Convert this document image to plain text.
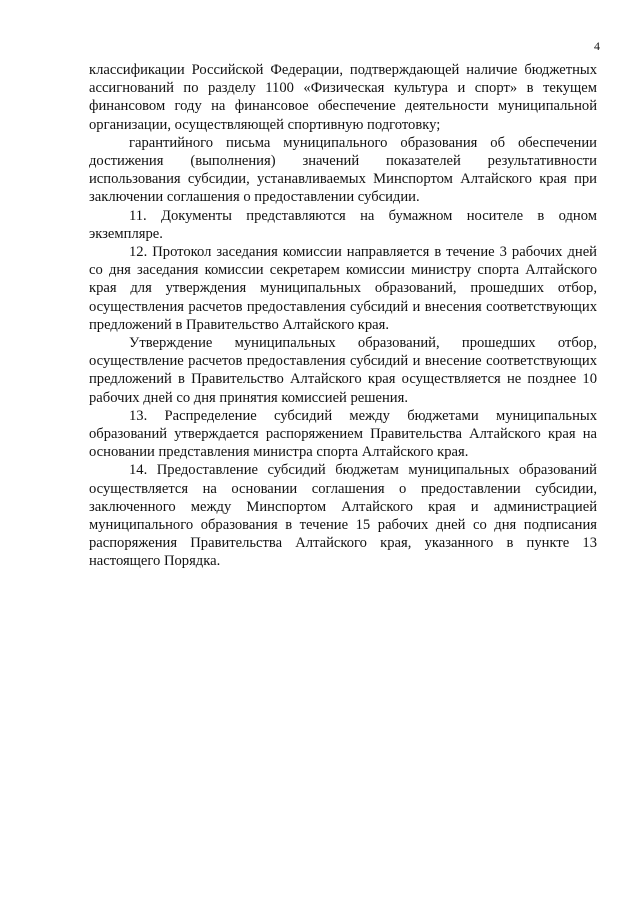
4

классификации Российской Федерации, подтверждающей наличие бюджетных ассигнований по разделу 1100 «Физическая культура и спорт» в текущем финансовом году на финансовое обеспечение деятельности муниципальной организации, осуществляющей спортивную подготовку;

гарантийного письма муниципального образования об обеспечении достижения (выполнения) значений показателей результативности использования субсидии, устанавливаемых Минспортом Алтайского края при заключении соглашения о предоставлении субсидии.

11. Документы представляются на бумажном носителе в одном экземпляре.

12. Протокол заседания комиссии направляется в течение 3 рабочих дней со дня заседания комиссии секретарем комиссии министру спорта Алтайского края для утверждения муниципальных образований, прошедших отбор, осуществления расчетов предоставления субсидий и внесения соответствующих предложений в Правительство Алтайского края.

Утверждение муниципальных образований, прошедших отбор, осуществление расчетов предоставления субсидий и внесение соответствующих предложений в Правительство Алтайского края осуществляется не позднее 10 рабочих дней со дня принятия комиссией решения.

13. Распределение субсидий между бюджетами муниципальных образований утверждается распоряжением Правительства Алтайского края на основании представления министра спорта Алтайского края.

14. Предоставление субсидий бюджетам муниципальных образований осуществляется на основании соглашения о предоставлении субсидии, заключенного между Минспортом Алтайского края и администрацией муниципального образования в течение 15 рабочих дней со дня подписания распоряжения Правительства Алтайского края, указанного в пункте 13 настоящего Порядка.
